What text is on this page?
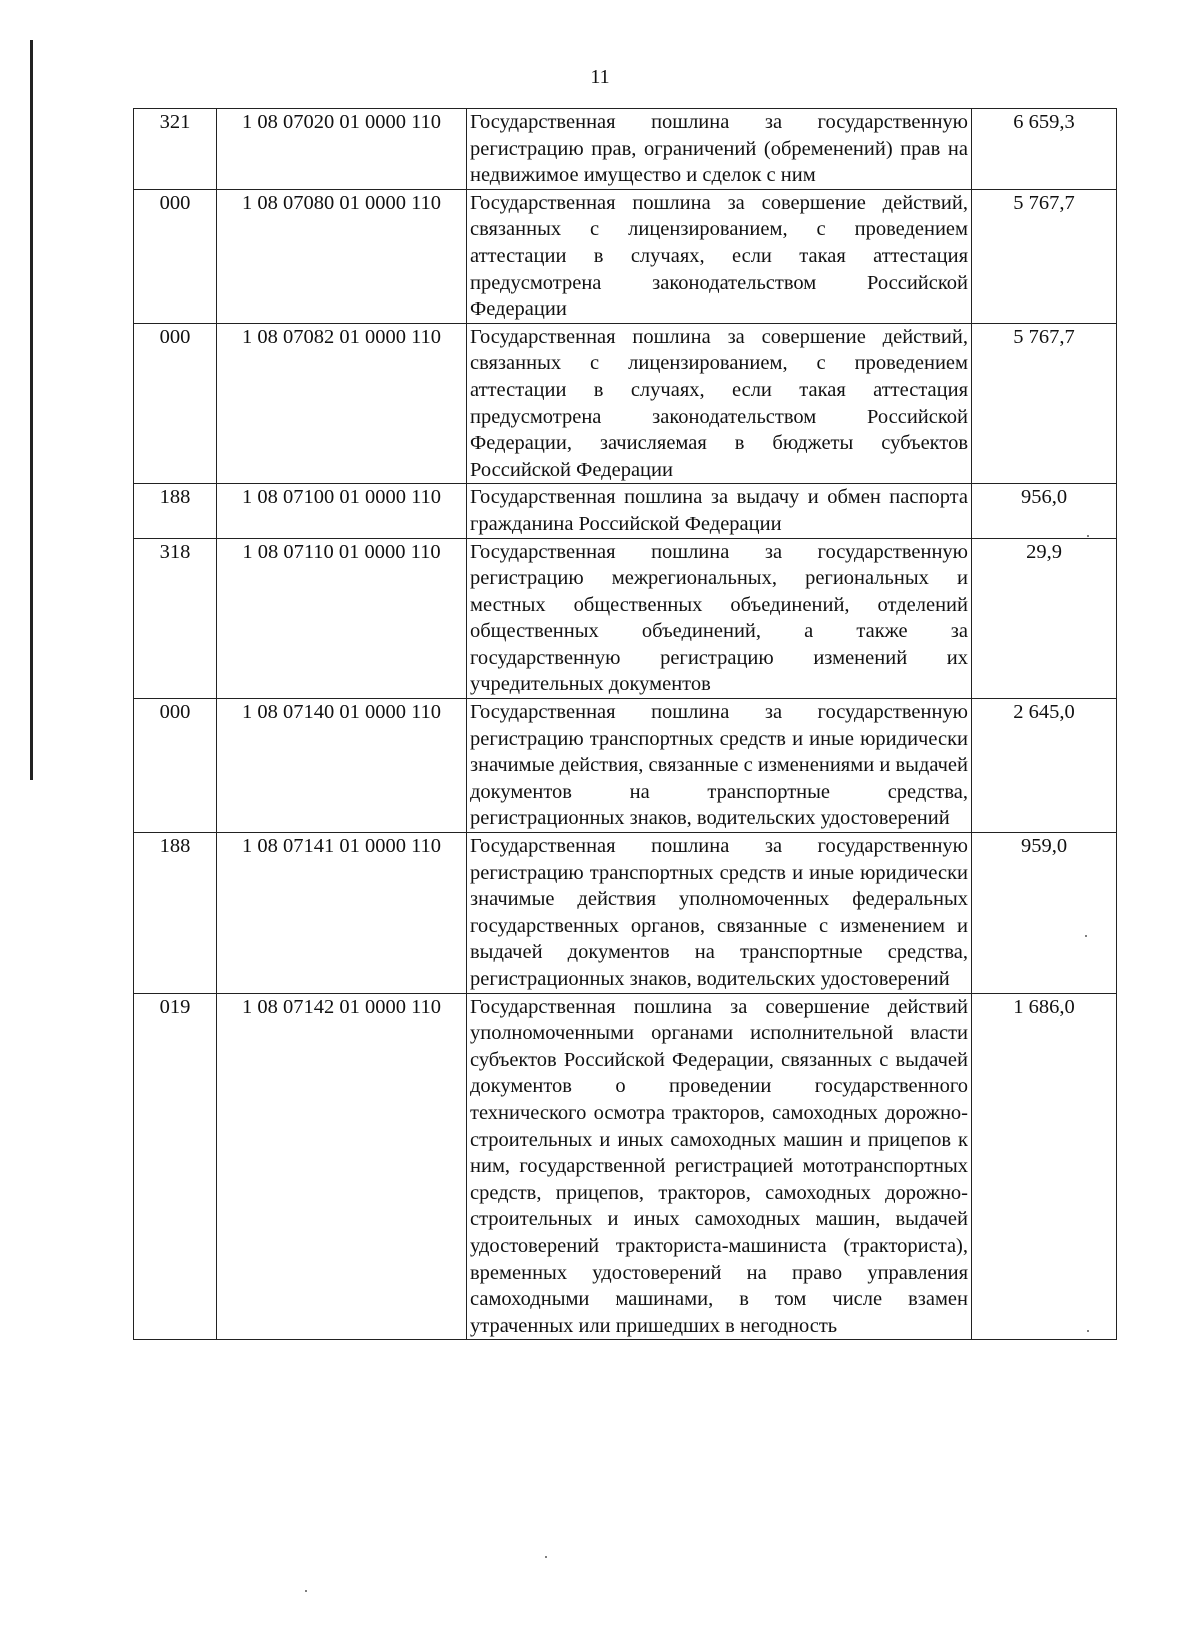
11
321	1 08 07020 01 0000 110	Государственная пошлина за государственную регистрацию прав, ограничений (обременений) прав на недвижимое имущество и сделок с ним	6 659,3
000	1 08 07080 01 0000 110	Государственная пошлина за совершение действий, связанных с лицензированием, с проведением аттестации в случаях, если такая аттестация предусмотрена законодательством Российской Федерации	5 767,7
000	1 08 07082 01 0000 110	Государственная пошлина за совершение действий, связанных с лицензированием, с проведением аттестации в случаях, если такая аттестация предусмотрена законодательством Российской Федерации, зачисляемая в бюджеты субъектов Российской Федерации	5 767,7
188	1 08 07100 01 0000 110	Государственная пошлина за выдачу и обмен паспорта гражданина Российской Федерации	956,0
318	1 08 07110 01 0000 110	Государственная пошлина за государственную регистрацию межрегиональных, региональных и местных общественных объединений, отделений общественных объединений, а также за государственную регистрацию изменений их учредительных документов	29,9
000	1 08 07140 01 0000 110	Государственная пошлина за государственную регистрацию транспортных средств и иные юридически значимые действия, связанные с изменениями и выдачей документов на транспортные средства, регистрационных знаков, водительских удостоверений	2 645,0
188	1 08 07141 01 0000 110	Государственная пошлина за государственную регистрацию транспортных средств и иные юридически значимые действия уполномоченных федеральных государственных органов, связанные с изменением и выдачей документов на транспортные средства, регистрационных знаков, водительских удостоверений	959,0
019	1 08 07142 01 0000 110	Государственная пошлина за совершение действий уполномоченными органами исполнительной власти субъектов Российской Федерации, связанных с выдачей документов о проведении государственного технического осмотра тракторов, самоходных дорожно-строительных и иных самоходных машин и прицепов к ним, государственной регистрацией мототранспортных средств, прицепов, тракторов, самоходных дорожно-строительных и иных самоходных машин, выдачей удостоверений тракториста-машиниста (тракториста), временных удостоверений на право управления самоходными машинами, в том числе взамен утраченных или пришедших в негодность	1 686,0
